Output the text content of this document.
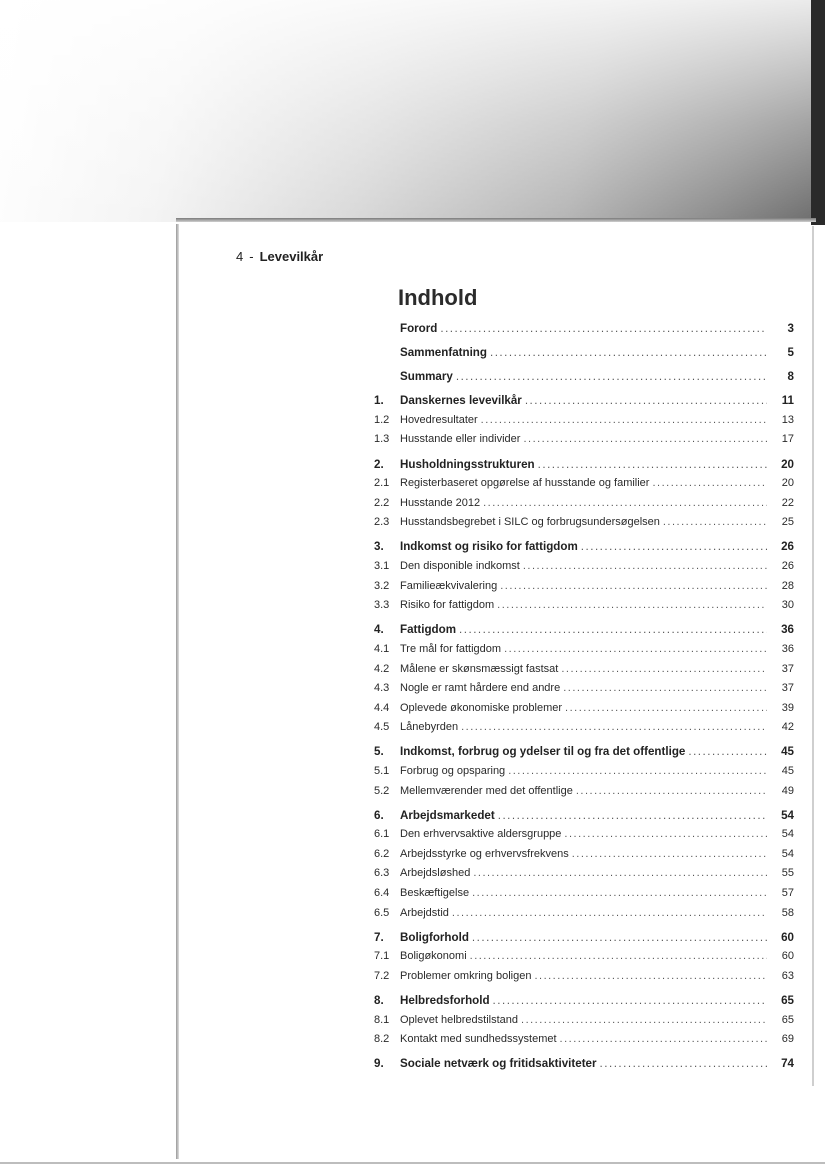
4 - Levevilkår
Indhold
Forord .....	3
Sammenfatning .....	5
Summary .....	8
1.	Danskernes levevilkår .....	11
1.2 Hovedresultater .....	13
1.3 Husstande eller individer .....	17
2.	Husholdningsstrukturen .....	20
2.1 Registerbaseret opgørelse af husstande og familier .....	20
2.2 Husstande 2012 .....	22
2.3 Husstandsbegrebet i SILC og forbrugsundersøgelsen .....	25
3.	Indkomst og risiko for fattigdom .....	26
3.1 Den disponible indkomst .....	26
3.2 Familieækvivalering .....	28
3.3 Risiko for fattigdom .....	30
4.	Fattigdom .....	36
4.1 Tre mål for fattigdom .....	36
4.2 Målene er skønsmæssigt fastsat .....	37
4.3 Nogle er ramt hårdere end andre .....	37
4.4 Oplevede økonomiske problemer .....	39
4.5 Lånebyrden .....	42
5.	Indkomst, forbrug og ydelser til og fra det offentlige .....	45
5.1 Forbrug og opsparing .....	45
5.2 Mellemværender med det offentlige .....	49
6.	Arbejdsmarkedet .....	54
6.1 Den erhvervsaktive aldersgruppe .....	54
6.2 Arbejdsstyrke og erhvervsfrekvens .....	54
6.3 Arbejdsløshed .....	55
6.4 Beskæftigelse .....	57
6.5 Arbejdstid .....	58
7.	Boligforhold .....	60
7.1 Boligøkonomi .....	60
7.2 Problemer omkring boligen .....	63
8.	Helbredsforhold .....	65
8.1 Oplevet helbredstilstand .....	65
8.2 Kontakt med sundhedssystemet .....	69
9.	Sociale netværk og fritidsaktiviteter .....	74
